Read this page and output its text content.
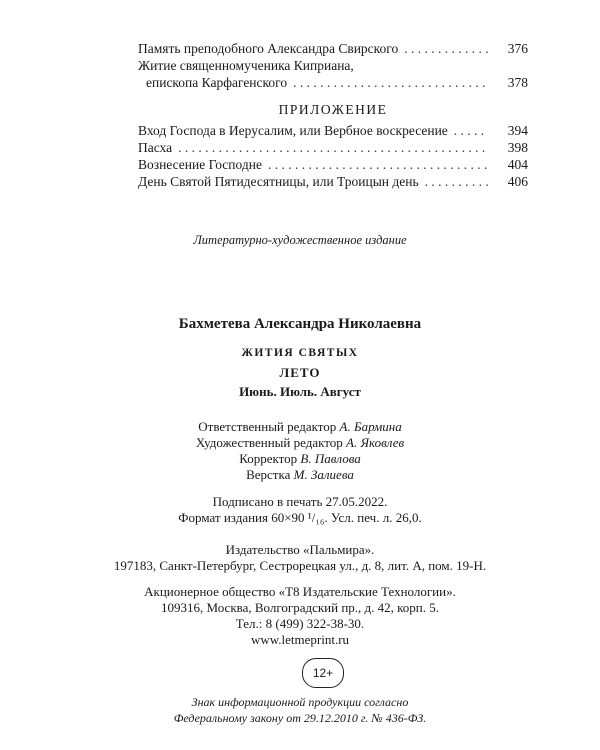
Память преподобного Александра Свирского . . .	376
Житие священномученика Киприана,
епископа Карфагенского . . .	378
ПРИЛОЖЕНИЕ
Вход Господа в Иерусалим, или Вербное воскресение . . .	394
Пасха . . .	398
Вознесение Господне . . .	404
День Святой Пятидесятницы, или Троицын день . . .	406
Литературно-художественное издание
Бахметева Александра Николаевна
ЖИТИЯ СВЯТЫХ
ЛЕТО
Июнь. Июль. Август
Ответственный редактор А. Бармина
Художественный редактор А. Яковлев
Корректор В. Павлова
Верстка М. Залиева
Подписано в печать 27.05.2022.
Формат издания 60×90 ¹/₁₆. Усл. печ. л. 26,0.
Издательство «Пальмира».
197183, Санкт-Петербург, Сестрорецкая ул., д. 8, лит. А, пом. 19-Н.
Акционерное общество «Т8 Издательские Технологии».
109316, Москва, Волгоградский пр., д. 42, корп. 5.
Тел.: 8 (499) 322-38-30.
www.letmeprint.ru
12+
Знак информационной продукции согласно
Федеральному закону от 29.12.2010 г. № 436-ФЗ.
